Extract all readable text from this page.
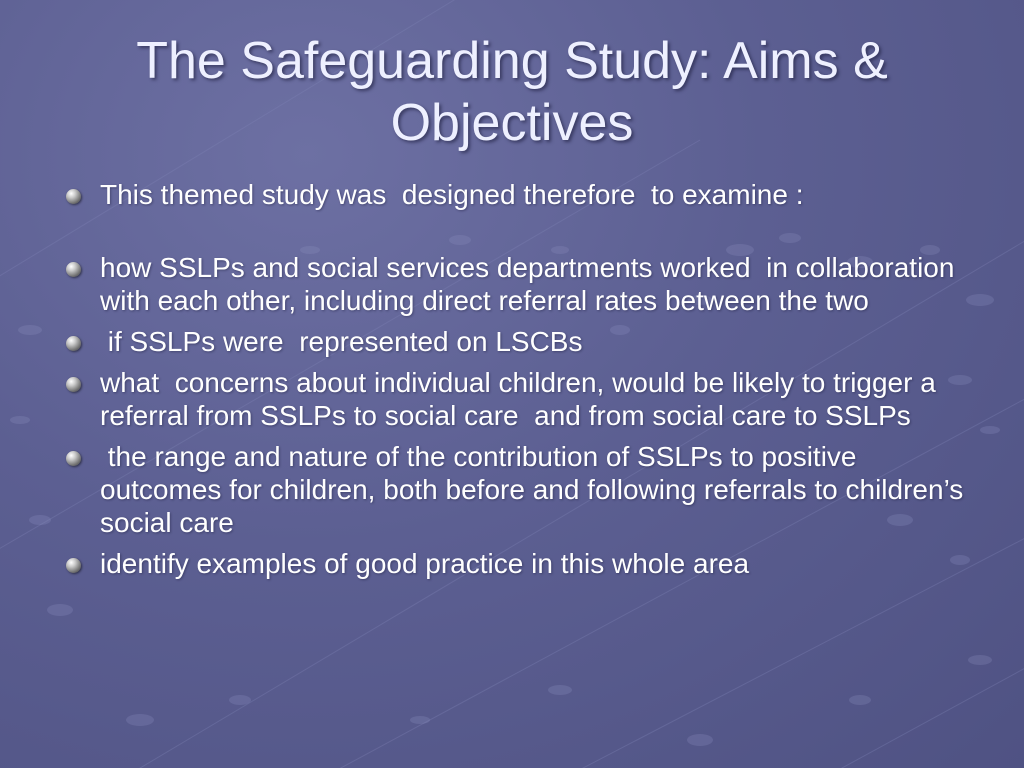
The Safeguarding Study: Aims & Objectives
This themed study was  designed therefore  to examine :
how SSLPs and social services departments worked  in collaboration with each other, including direct referral rates between the two
if SSLPs were  represented on LSCBs
what  concerns about individual children, would be likely to trigger a referral from SSLPs to social care  and from social care to SSLPs
the range and nature of the contribution of SSLPs to positive outcomes for children, both before and following referrals to children’s social care
identify examples of good practice in this whole area
